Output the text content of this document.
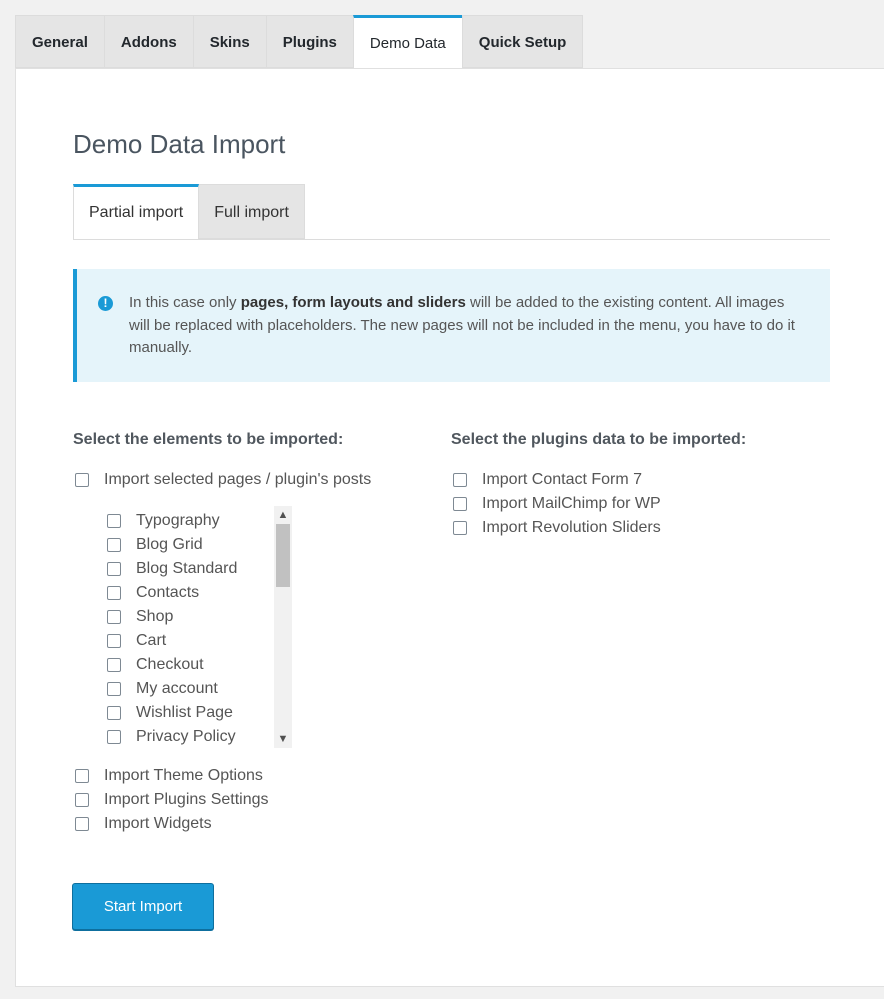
General	Addons	Skins	Plugins	Demo Data	Quick Setup
Demo Data Import
Partial import	Full import
!	In this case only pages, form layouts and sliders will be added to the existing content. All images will be replaced with placeholders. The new pages will not be included in the menu, you have to do it manually.
Select the elements to be imported:
Import selected pages / plugin's posts
Typography
Blog Grid
Blog Standard
Contacts
Shop
Cart
Checkout
My account
Wishlist Page
Privacy Policy
▲
▼
Import Theme Options
Import Plugins Settings
Import Widgets
Select the plugins data to be imported:
Import Contact Form 7
Import MailChimp for WP
Import Revolution Sliders
Start Import
